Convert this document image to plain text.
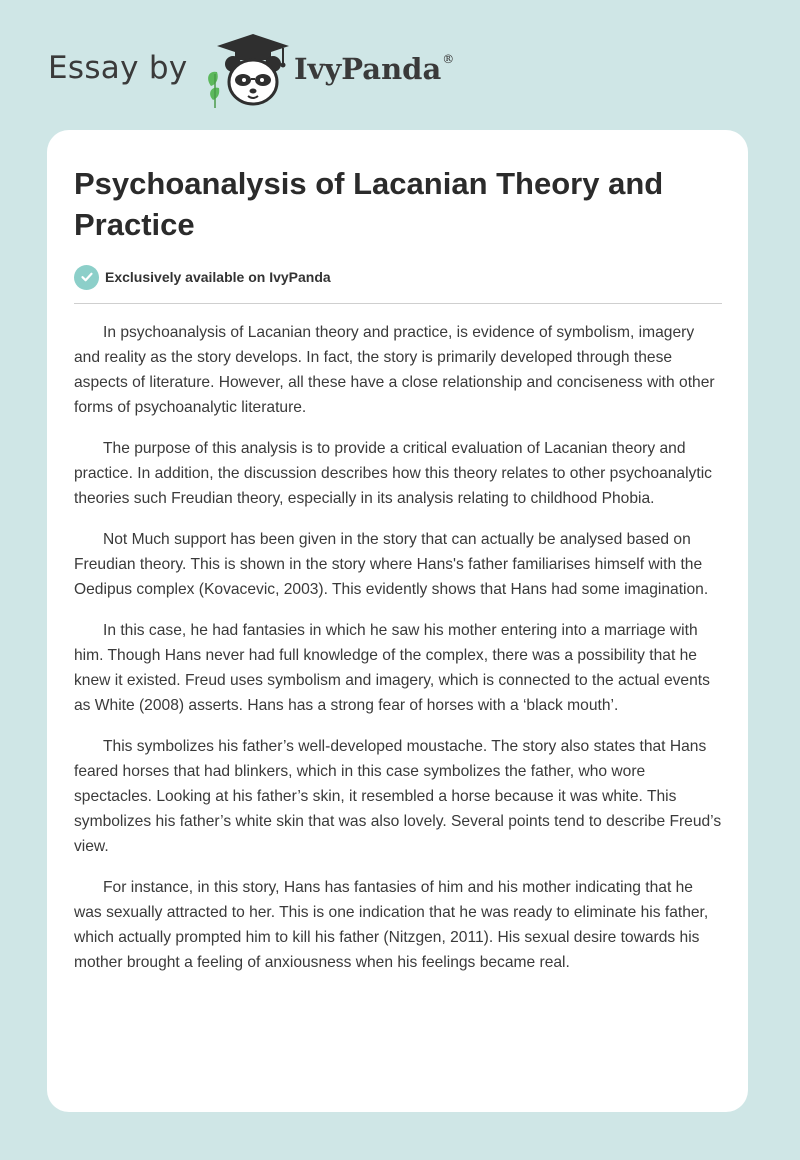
Essay by	IvyPanda®
Psychoanalysis of Lacanian Theory and Practice
Exclusively available on IvyPanda

In psychoanalysis of Lacanian theory and practice, is evidence of symbolism, imagery and reality as the story develops. In fact, the story is primarily developed through these aspects of literature. However, all these have a close relationship and conciseness with other forms of psychoanalytic literature.

The purpose of this analysis is to provide a critical evaluation of Lacanian theory and practice. In addition, the discussion describes how this theory relates to other psychoanalytic theories such Freudian theory, especially in its analysis relating to childhood Phobia.

Not Much support has been given in the story that can actually be analysed based on Freudian theory. This is shown in the story where Hans's father familiarises himself with the Oedipus complex (Kovacevic, 2003). This evidently shows that Hans had some imagination.

In this case, he had fantasies in which he saw his mother entering into a marriage with him. Though Hans never had full knowledge of the complex, there was a possibility that he knew it existed. Freud uses symbolism and imagery, which is connected to the actual events as White (2008) asserts. Hans has a strong fear of horses with a ‘black mouth’.

This symbolizes his father’s well-developed moustache. The story also states that Hans feared horses that had blinkers, which in this case symbolizes the father, who wore spectacles. Looking at his father’s skin, it resembled a horse because it was white. This symbolizes his father’s white skin that was also lovely. Several points tend to describe Freud’s view.

For instance, in this story, Hans has fantasies of him and his mother indicating that he was sexually attracted to her. This is one indication that he was ready to eliminate his father, which actually prompted him to kill his father (Nitzgen, 2011). His sexual desire towards his mother brought a feeling of anxiousness when his feelings became real.
